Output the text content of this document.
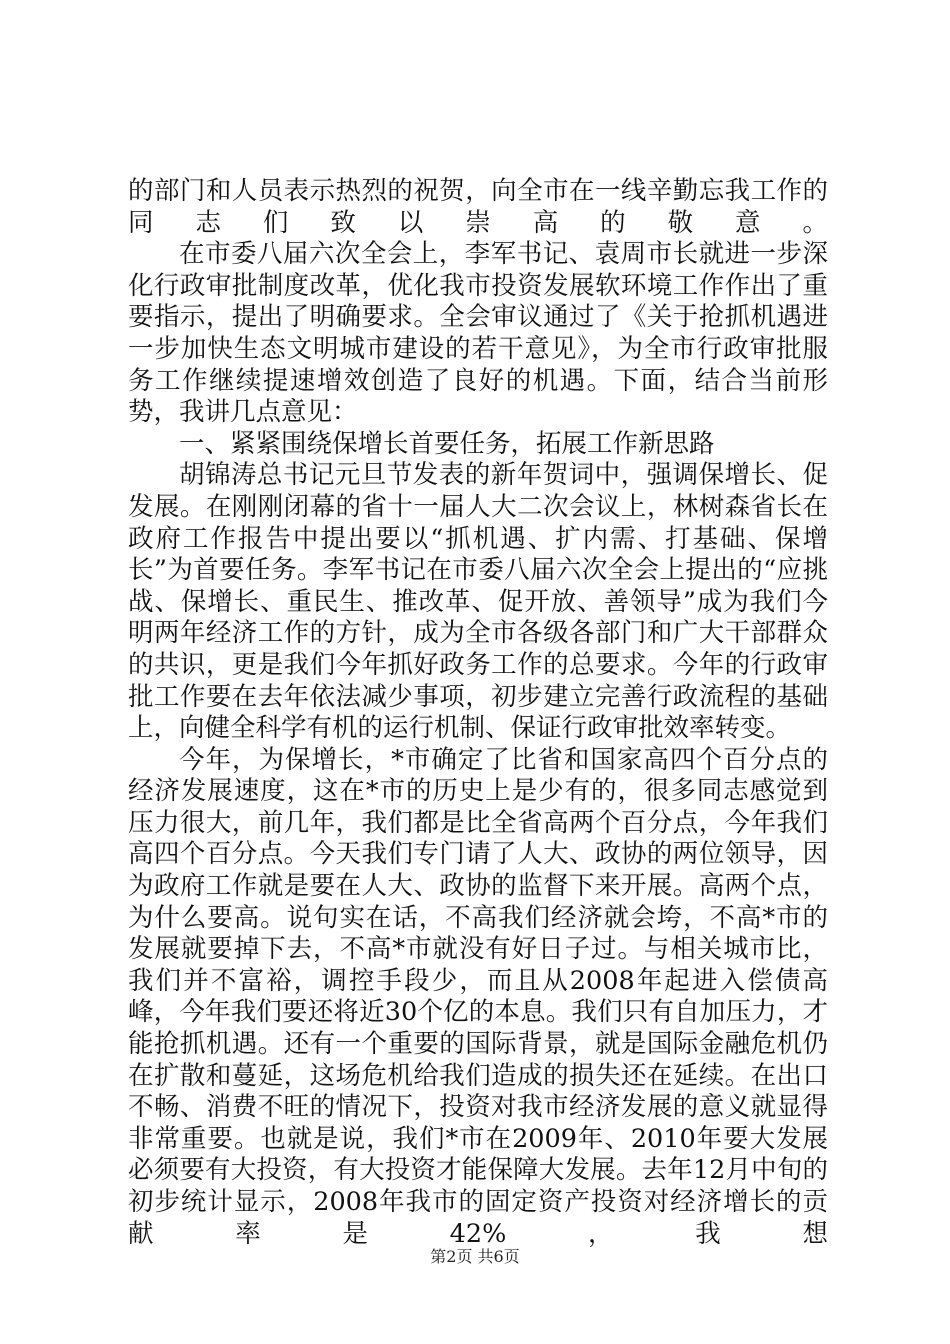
的部门和人员表示热烈的祝贺，向全市在一线辛勤忘我工作的同志们致以崇高的敬意。

在市委八届六次全会上，李军书记、袁周市长就进一步深化行政审批制度改革，优化我市投资发展软环境工作作出了重要指示，提出了明确要求。全会审议通过了《关于抢抓机遇进一步加快生态文明城市建设的若干意见》，为全市行政审批服务工作继续提速增效创造了良好的机遇。下面，结合当前形势，我讲几点意见：

一、紧紧围绕保增长首要任务，拓展工作新思路

胡锦涛总书记元旦节发表的新年贺词中，强调保增长、促发展。在刚刚闭幕的省十一届人大二次会议上，林树森省长在政府工作报告中提出要以“抓机遇、扩内需、打基础、保增长”为首要任务。李军书记在市委八届六次全会上提出的“应挑战、保增长、重民生、推改革、促开放、善领导”成为我们今明两年经济工作的方针，成为全市各级各部门和广大干部群众的共识，更是我们今年抓好政务工作的总要求。今年的行政审批工作要在去年依法减少事项，初步建立完善行政流程的基础上，向健全科学有机的运行机制、保证行政审批效率转变。

今年，为保增长，*市确定了比省和国家高四个百分点的经济发展速度，这在*市的历史上是少有的，很多同志感觉到压力很大，前几年，我们都是比全省高两个百分点，今年我们高四个百分点。今天我们专门请了人大、政协的两位领导，因为政府工作就是要在人大、政协的监督下来开展。高两个点，为什么要高。说句实在话，不高我们经济就会垮，不高*市的发展就要掉下去，不高*市就没有好日子过。与相关城市比，我们并不富裕，调控手段少，而且从2008年起进入偿债高峰，今年我们要还将近30个亿的本息。我们只有自加压力，才能抢抓机遇。还有一个重要的国际背景，就是国际金融危机仍在扩散和蔓延，这场危机给我们造成的损失还在延续。在出口不畅、消费不旺的情况下，投资对我市经济发展的意义就显得非常重要。也就是说，我们*市在2009年、2010年要大发展必须要有大投资，有大投资才能保障大发展。去年12月中旬的初步统计显示，2008年我市的固定资产投资对经济增长的贡献率是42%，我想

第2页 共6页
